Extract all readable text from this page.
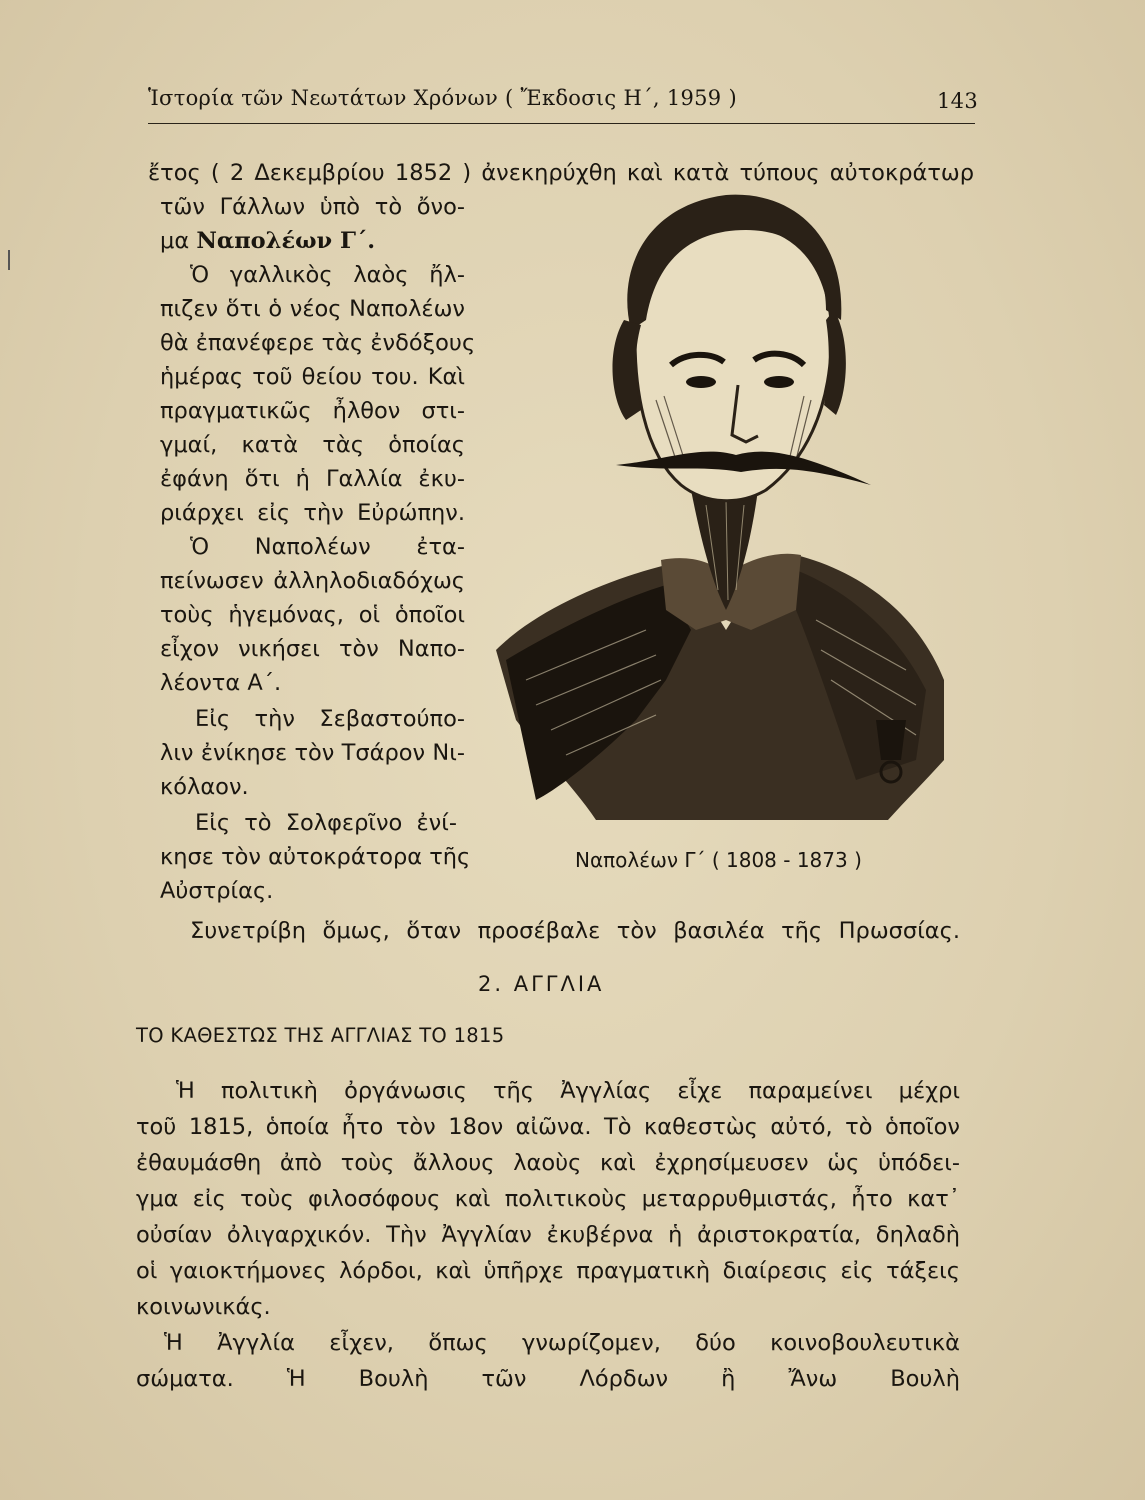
Ἱστορία τῶν Νεωτάτων Χρόνων ( Ἔκδοσις Η΄, 1959 )	143
ἔτος ( 2 Δεκεμβρίου 1852 ) ἀνεκηρύχθη καὶ κατὰ τύπους αὐτοκράτωρ
τῶν Γάλλων ὑπὸ τὸ ὄνο-
μα Ναπολέων Γ΄.
Ὁ γαλλικὸς λαὸς ἤλ-
πιζεν ὅτι ὁ νέος Ναπολέων
θὰ ἐπανέφερε τὰς ἐνδόξους
ἡμέρας τοῦ θείου του. Καὶ
πραγματικῶς ἦλθον στι-
γμαί, κατὰ τὰς ὁποίας
ἐφάνη ὅτι ἡ Γαλλία ἐκυ-
ριάρχει εἰς τὴν Εὐρώπην.
Ὁ Ναπολέων ἐτα-
πείνωσεν ἀλληλοδιαδόχως
τοὺς ἡγεμόνας, οἱ ὁποῖοι
εἶχον νικήσει τὸν Ναπο-
λέοντα Α΄.
Εἰς τὴν Σεβαστούπο-
λιν ἐνίκησε τὸν Τσάρον Νι-
κόλαον.
Εἰς τὸ Σολφερῖνο ἐνί-
κησε τὸν αὐτοκράτορα τῆς
Αὐστρίας.
Ναπολέων Γ΄ ( 1808 - 1873 )
Συνετρίβη ὅμως, ὅταν προσέβαλε τὸν βασιλέα τῆς Πρωσσίας.
2. ΑΓΓΛΙΑ
ΤΟ ΚΑΘΕΣΤΩΣ ΤΗΣ ΑΓΓΛΙΑΣ ΤΟ 1815
Ἡ πολιτικὴ ὀργάνωσις τῆς Ἀγγλίας εἶχε παραμείνει μέχρι
τοῦ 1815, ὁποία ἦτο τὸν 18ον αἰῶνα. Τὸ καθεστὼς αὐτό, τὸ ὁποῖον
ἐθαυμάσθη ἀπὸ τοὺς ἄλλους λαοὺς καὶ ἐχρησίμευσεν ὡς ὑπόδει-
γμα εἰς τοὺς φιλοσόφους καὶ πολιτικοὺς μεταρρυθμιστάς, ἦτο κατ᾽
οὐσίαν ὀλιγαρχικόν. Τὴν Ἀγγλίαν ἐκυβέρνα ἡ ἀριστοκρατία, δηλαδὴ
οἱ γαιοκτήμονες λόρδοι, καὶ ὑπῆρχε πραγματικὴ διαίρεσις εἰς τάξεις
κοινωνικάς.
Ἡ Ἀγγλία εἶχεν, ὅπως γνωρίζομεν, δύο κοινοβουλευτικὰ
σώματα. Ἡ Βουλὴ τῶν Λόρδων ἢ Ἄνω Βουλὴ
